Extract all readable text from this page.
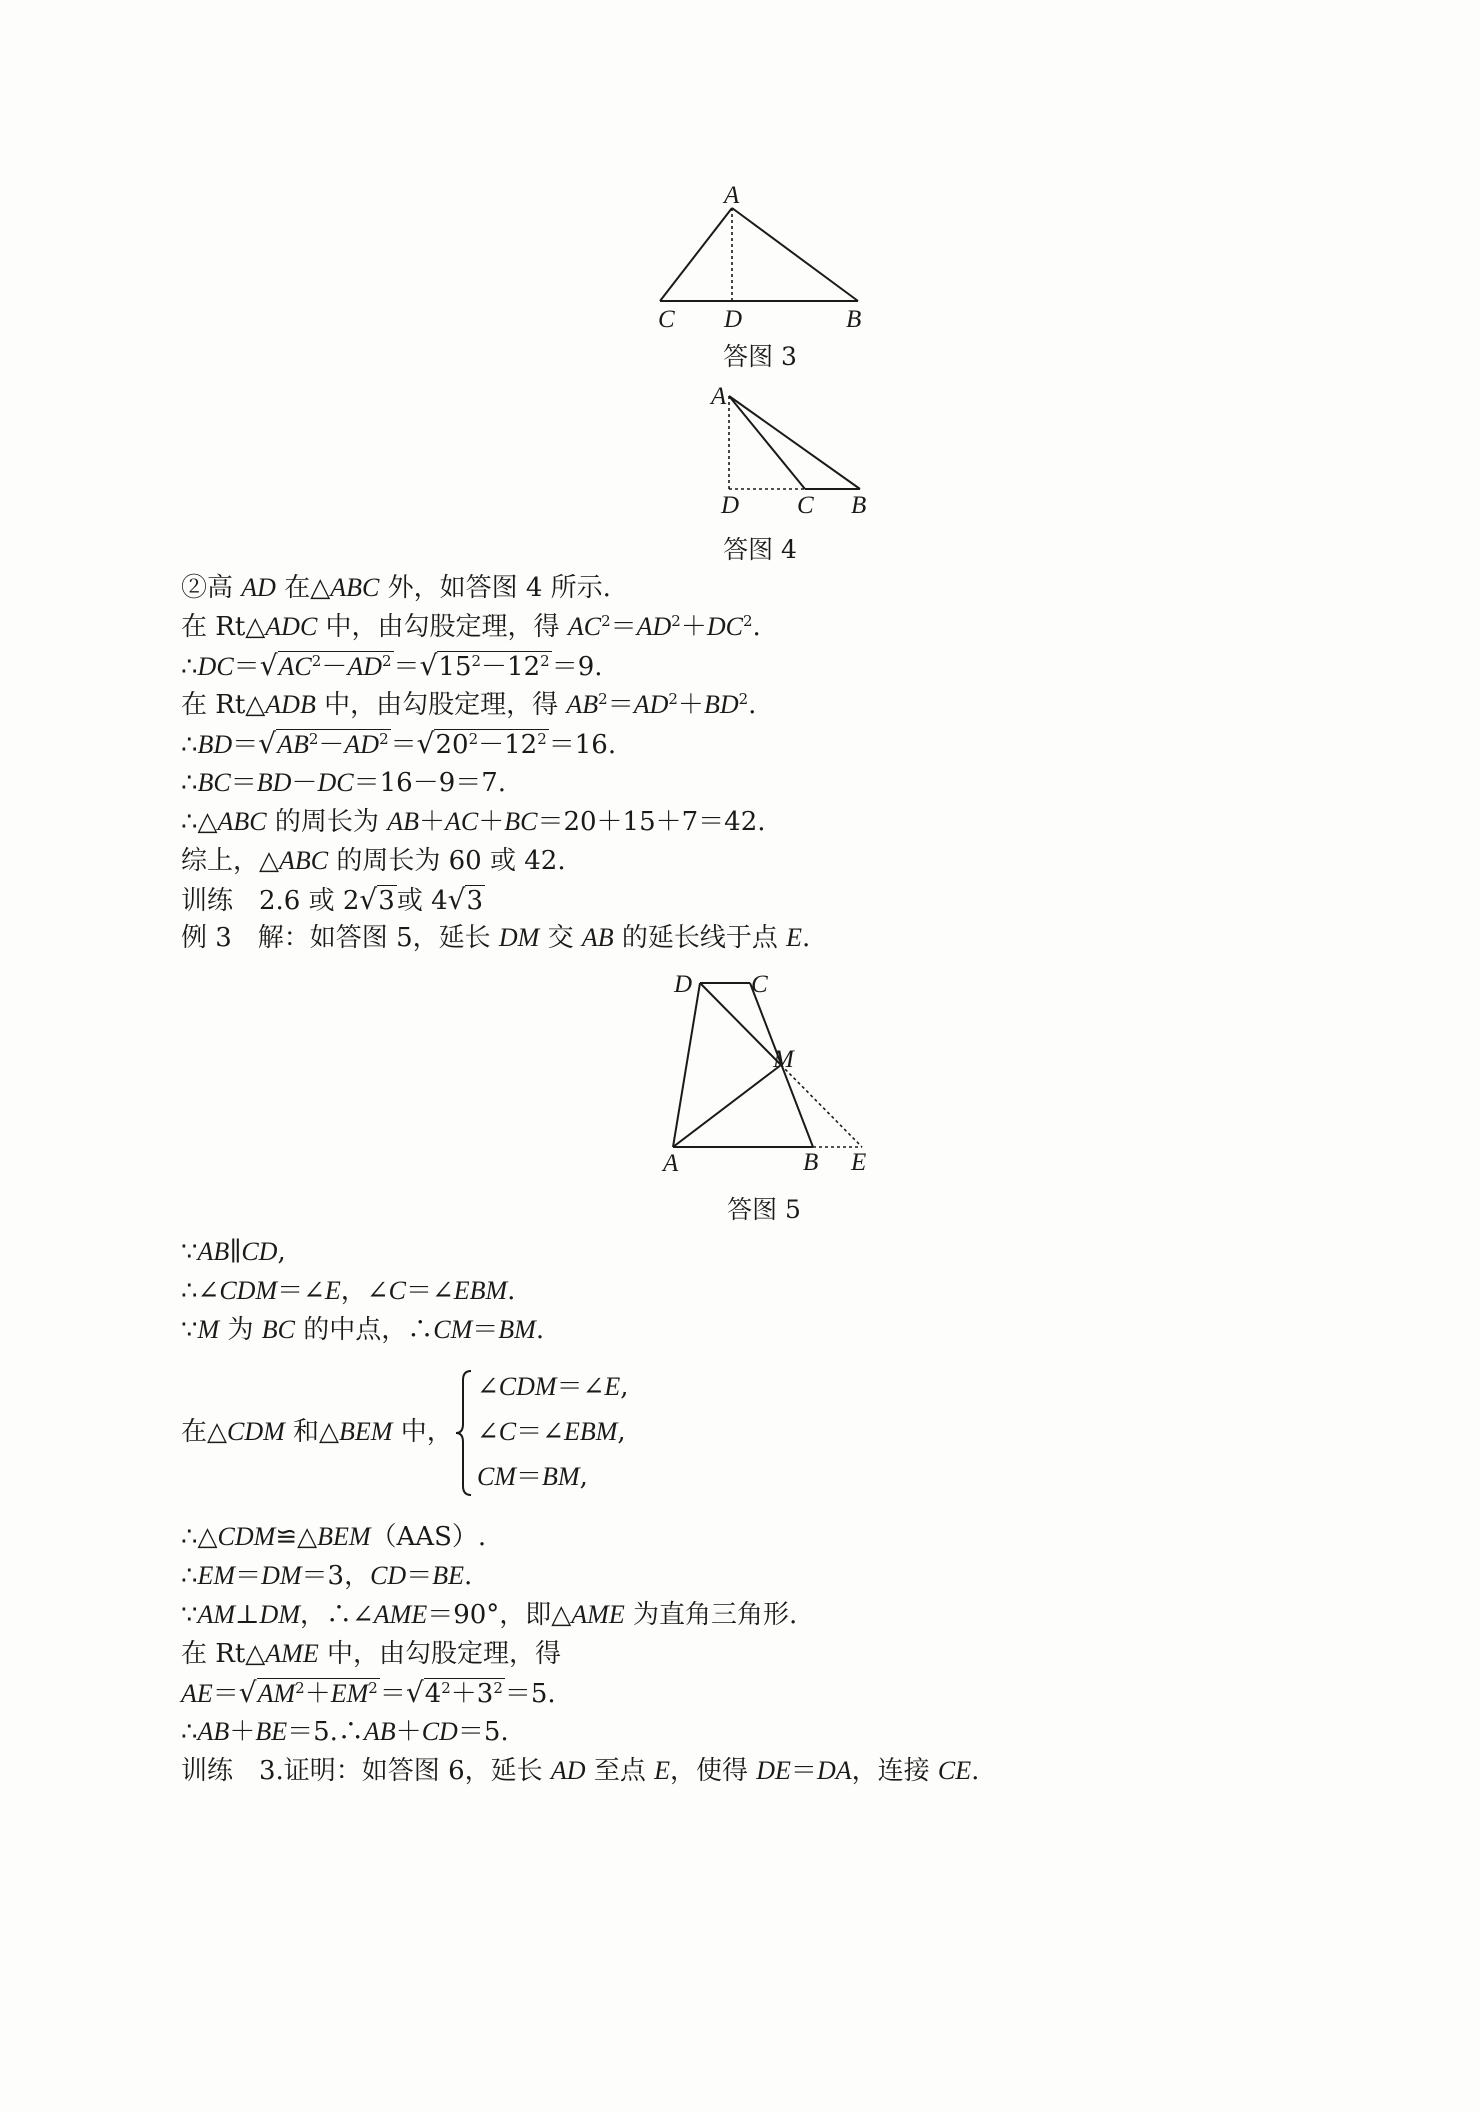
A
C D	B
答图 3
A
D C B
答图 4
D C
M
A	B E
答图 5
②高 AD 在△ABC 外，如答图 4 所示.
在 Rt△ADC 中，由勾股定理，得 $AC^2=AD^2+DC^2$.
$\therefore DC=√AC^2-AD^2=√15^2-12^2=9$.
在 Rt△ADB 中，由勾股定理，得 $AB^2=AD^2+BD^2$.
$\therefore BD=√AB^2-AD^2=√20^2-12^2=16$.
∴BC＝BD－DC＝16－9＝7.
∴△ABC 的周长为 AB＋AC＋BC＝20＋15＋7＝42.
综上，△ABC 的周长为 60 或 42.
训练　2.6 或 2√3或 4√3
例 3　解：如答图 5，延长 DM 交 AB 的延长线于点 E.
∵AB∥CD,
∴∠CDM＝∠E，∠C＝∠EBM.
∵M 为 BC 的中点，∴CM＝BM.
在△CDM 和△BEM 中，
∠CDM＝∠E,
∠C＝∠EBM,
CM＝BM,
∴△CDM≌△BEM（AAS）.
∴EM＝DM＝3，CD＝BE.
∵AM⊥DM，∴∠AME＝90°，即△AME 为直角三角形.
在 Rt△AME 中，由勾股定理，得
$AE=√AM^2+EM^2=√4^2+3^2=5$.
∴AB＋BE＝5.∴AB＋CD＝5.
训练　3.证明：如答图 6，延长 AD 至点 E，使得 DE＝DA，连接 CE.
